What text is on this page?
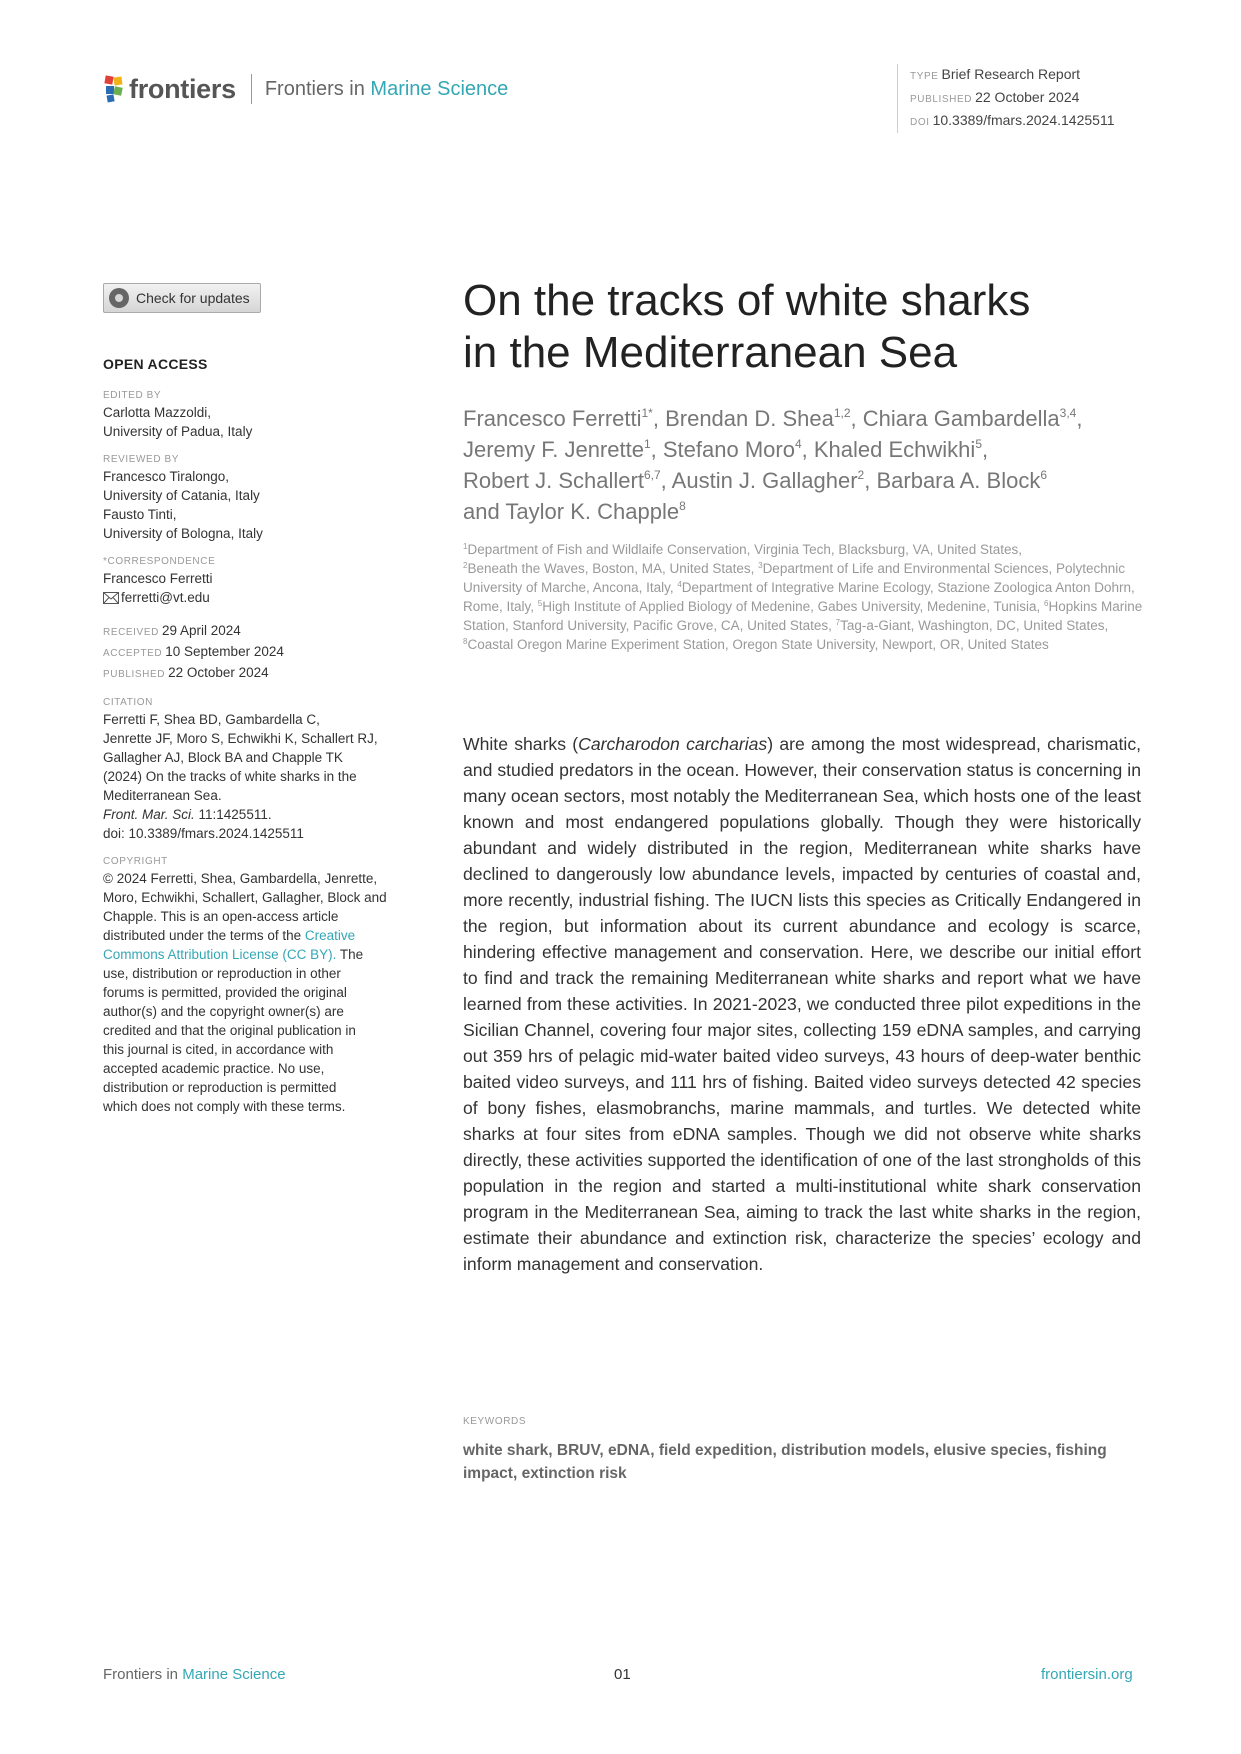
frontiers Frontiers in Marine Science
TYPE Brief Research Report
PUBLISHED 22 October 2024
DOI 10.3389/fmars.2024.1425511
Check for updates
OPEN ACCESS
EDITED BY
Carlotta Mazzoldi,
University of Padua, Italy
REVIEWED BY
Francesco Tiralongo,
University of Catania, Italy
Fausto Tinti,
University of Bologna, Italy
*CORRESPONDENCE
Francesco Ferretti
ferretti@vt.edu
RECEIVED 29 April 2024
ACCEPTED 10 September 2024
PUBLISHED 22 October 2024
CITATION
Ferretti F, Shea BD, Gambardella C,
Jenrette JF, Moro S, Echwikhi K, Schallert RJ,
Gallagher AJ, Block BA and Chapple TK
(2024) On the tracks of white sharks in the
Mediterranean Sea.
Front. Mar. Sci. 11:1425511.
doi: 10.3389/fmars.2024.1425511
COPYRIGHT
© 2024 Ferretti, Shea, Gambardella, Jenrette,
Moro, Echwikhi, Schallert, Gallagher, Block and
Chapple. This is an open-access article
distributed under the terms of the Creative
Commons Attribution License (CC BY). The
use, distribution or reproduction in other
forums is permitted, provided the original
author(s) and the copyright owner(s) are
credited and that the original publication in
this journal is cited, in accordance with
accepted academic practice. No use,
distribution or reproduction is permitted
which does not comply with these terms.
On the tracks of white sharks
in the Mediterranean Sea
Francesco Ferretti$^{1*}$, Brendan D. Shea$^{1,2}$, Chiara Gambardella$^{3,4}$,
Jeremy F. Jenrette$^1$, Stefano Moro$^4$, Khaled Echwikhi$^5$,
Robert J. Schallert$^{6,7}$, Austin J. Gallagher$^2$, Barbara A. Block$^6$
and Taylor K. Chapple$^8$
$^1$Department of Fish and Wildlaife Conservation, Virginia Tech, Blacksburg, VA, United States,
$^2$Beneath the Waves, Boston, MA, United States, $^3$Department of Life and Environmental Sciences, Polytechnic University of Marche, Ancona, Italy, $^4$Department of Integrative Marine Ecology, Stazione Zoologica Anton Dohrn, Rome, Italy, $^5$High Institute of Applied Biology of Medenine, Gabes University, Medenine, Tunisia, $^6$Hopkins Marine Station, Stanford University, Pacific Grove, CA, United States, $^7$Tag-a-Giant, Washington, DC, United States, $^8$Coastal Oregon Marine Experiment Station, Oregon State University, Newport, OR, United States
White sharks (Carcharodon carcharias) are among the most widespread, charismatic, and studied predators in the ocean. However, their conservation status is concerning in many ocean sectors, most notably the Mediterranean Sea, which hosts one of the least known and most endangered populations globally. Though they were historically abundant and widely distributed in the region, Mediterranean white sharks have declined to dangerously low abundance levels, impacted by centuries of coastal and, more recently, industrial fishing. The IUCN lists this species as Critically Endangered in the region, but information about its current abundance and ecology is scarce, hindering effective management and conservation. Here, we describe our initial effort to find and track the remaining Mediterranean white sharks and report what we have learned from these activities. In 2021-2023, we conducted three pilot expeditions in the Sicilian Channel, covering four major sites, collecting 159 eDNA samples, and carrying out 359 hrs of pelagic mid-water baited video surveys, 43 hours of deep-water benthic baited video surveys, and 111 hrs of fishing. Baited video surveys detected 42 species of bony fishes, elasmobranchs, marine mammals, and turtles. We detected white sharks at four sites from eDNA samples. Though we did not observe white sharks directly, these activities supported the identification of one of the last strongholds of this population in the region and started a multi-institutional white shark conservation program in the Mediterranean Sea, aiming to track the last white sharks in the region, estimate their abundance and extinction risk, characterize the species’ ecology and inform management and conservation.
KEYWORDS
white shark, BRUV, eDNA, field expedition, distribution models, elusive species, fishing impact, extinction risk
Frontiers in Marine Science	01	frontiersin.org
